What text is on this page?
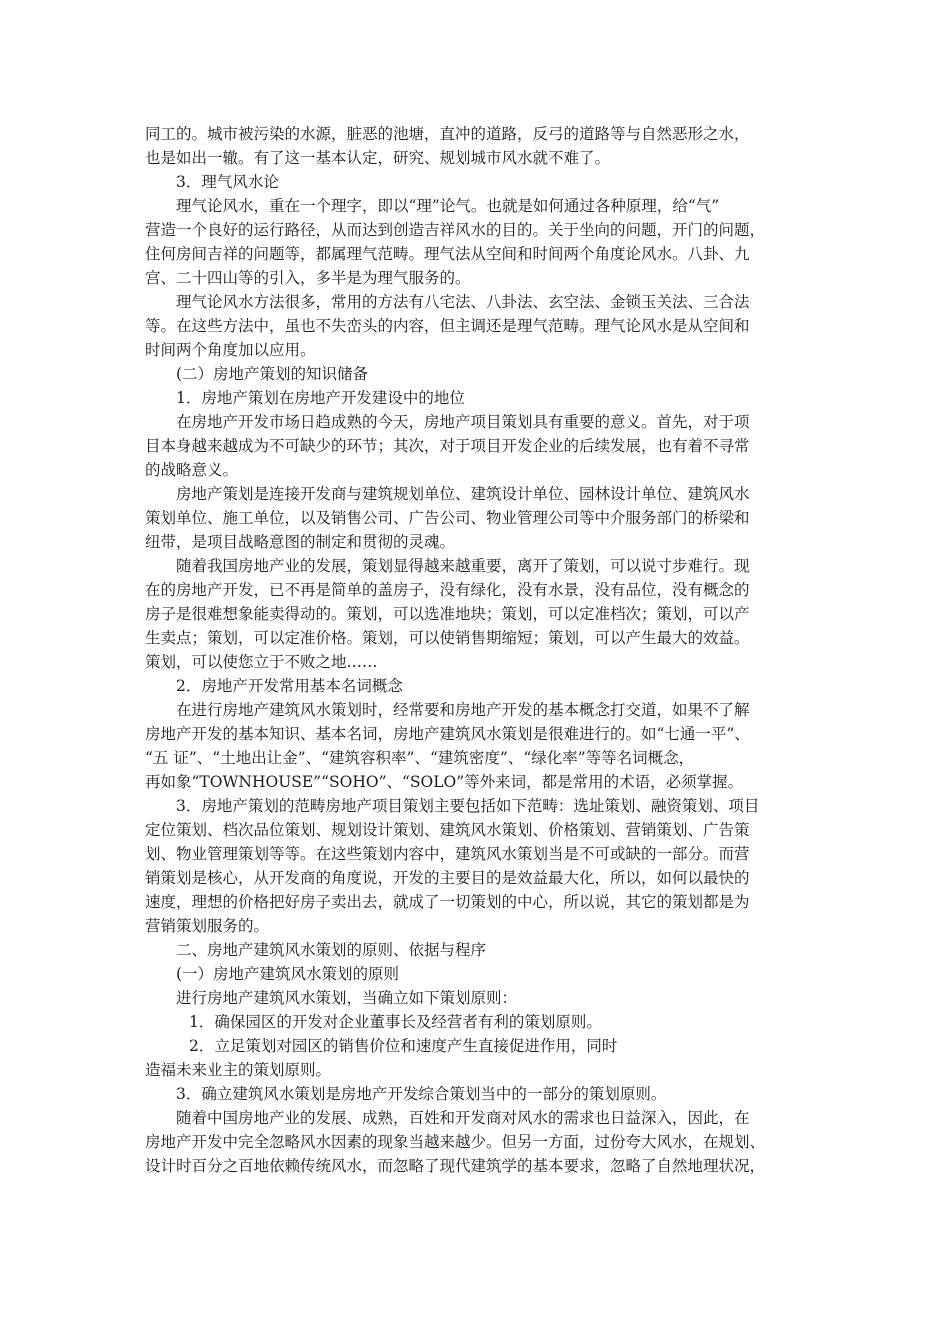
同工的。城市被污染的水源，脏恶的池塘，直冲的道路，反弓的道路等与自然恶形之水，
也是如出一辙。有了这一基本认定，研究、规划城市风水就不难了。
3．理气风水论
理气论风水，重在一个理字，即以“理”论气。也就是如何通过各种原理，给“气”
营造一个良好的运行路径，从而达到创造吉祥风水的目的。关于坐向的问题，开门的问题，
住何房间吉祥的问题等，都属理气范畴。理气法从空间和时间两个角度论风水。八卦、九
宫、二十四山等的引入，多半是为理气服务的。
理气论风水方法很多，常用的方法有八宅法、八卦法、玄空法、金锁玉关法、三合法
等。在这些方法中，虽也不失峦头的内容，但主调还是理气范畴。理气论风水是从空间和
时间两个角度加以应用。
(二）房地产策划的知识储备
1．房地产策划在房地产开发建设中的地位
在房地产开发市场日趋成熟的今天，房地产项目策划具有重要的意义。首先，对于项
目本身越来越成为不可缺少的环节；其次，对于项目开发企业的后续发展，也有着不寻常
的战略意义。
房地产策划是连接开发商与建筑规划单位、建筑设计单位、园林设计单位、建筑风水
策划单位、施工单位，以及销售公司、广告公司、物业管理公司等中介服务部门的桥梁和
纽带，是项目战略意图的制定和贯彻的灵魂。
随着我国房地产业的发展，策划显得越来越重要，离开了策划，可以说寸步难行。现
在的房地产开发，已不再是简单的盖房子，没有绿化，没有水景，没有品位，没有概念的
房子是很难想象能卖得动的。策划，可以选准地块；策划，可以定准档次；策划，可以产
生卖点；策划，可以定准价格。策划，可以使销售期缩短；策划，可以产生最大的效益。
策划，可以使您立于不败之地……
2．房地产开发常用基本名词概念
在进行房地产建筑风水策划时，经常要和房地产开发的基本概念打交道，如果不了解
房地产开发的基本知识、基本名词，房地产建筑风水策划是很难进行的。如“七通一平”、
“五 证”、“土地出让金”、“建筑容积率”、“建筑密度”、“绿化率”等等名词概念，
再如象“TOWNHOUSE”“SOHO”、“SOLO”等外来词，都是常用的术语，必须掌握。
3．房地产策划的范畴房地产项目策划主要包括如下范畴：选址策划、融资策划、项目
定位策划、档次品位策划、规划设计策划、建筑风水策划、价格策划、营销策划、广告策
划、物业管理策划等等。在这些策划内容中，建筑风水策划当是不可或缺的一部分。而营
销策划是核心，从开发商的角度说，开发的主要目的是效益最大化，所以，如何以最快的
速度，理想的价格把好房子卖出去，就成了一切策划的中心，所以说，其它的策划都是为
营销策划服务的。
二、房地产建筑风水策划的原则、依据与程序
(一）房地产建筑风水策划的原则
进行房地产建筑风水策划，当确立如下策划原则：
1．确保园区的开发对企业董事长及经营者有利的策划原则。
2．立足策划对园区的销售价位和速度产生直接促进作用，同时
造福未来业主的策划原则。
3．确立建筑风水策划是房地产开发综合策划当中的一部分的策划原则。
随着中国房地产业的发展、成熟，百姓和开发商对风水的需求也日益深入，因此，在
房地产开发中完全忽略风水因素的现象当越来越少。但另一方面，过份夸大风水，在规划、
设计时百分之百地依赖传统风水，而忽略了现代建筑学的基本要求，忽略了自然地理状况，
